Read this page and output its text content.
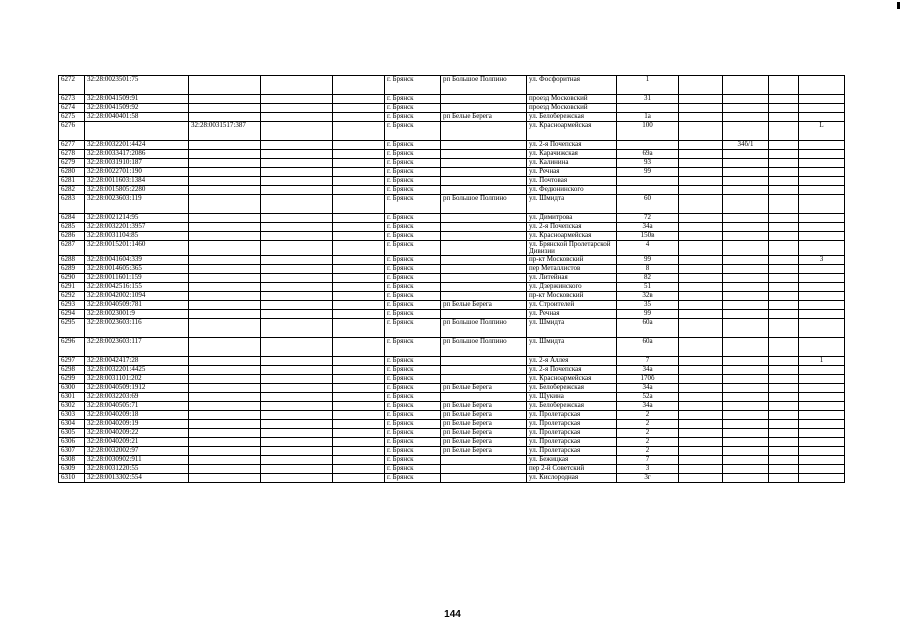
6272	32:28:0023501:75				г. Брянск	рп Большое Полпино	ул. Фосфоритная	1				
6273	32:28:0041509:91				г. Брянск		проезд Московский	31				
6274	32:28:0041509:92				г. Брянск		проезд Московский					
6275	32:28:0040401:58				г. Брянск	рп Белые Берега	ул. Белобережская	1а				
6276		32:28:0031517:387			г. Брянск		ул. Красноармейская	100				L
6277	32:28:0032201:4424				г. Брянск		ул. 2-я Почепская			34б/1		
6278	32:28:0033417:2086				г. Брянск		ул. Карачижская	69а				
6279	32:28:0031910:187				г. Брянск		ул. Калинина	93				
6280	32:28:0022701:190				г. Брянск		ул. Речная	99				
6281	32:28:0011603:1384				г. Брянск		ул. Почтовая					
6282	32:28:0015805:2280				г. Брянск		ул. Федюнинского					
6283	32:28:0023603:119				г. Брянск	рп Большое Полпино	ул. Шмидта	60				
6284	32:28:0021214:95				г. Брянск		ул. Димитрова	72				
6285	32:28:0032201:3957				г. Брянск		ул. 2-я Почепская	34а				
6286	32:28:0031104:85				г. Брянск		ул. Красноармейская	150в				
6287	32:28:0015201:1460				г. Брянск		ул. Брянской Пролетарской
Дивизии	4				
6288	32:28:0041604:339				г. Брянск		пр-кт Московский	99				3
6289	32:28:0014605:365				г. Брянск		пер Металлистов	8				
6290	32:28:0011601:159				г. Брянск		ул. Литейная	82				
6291	32:28:0042516:155				г. Брянск		ул. Дзержинского	51				
6292	32:28:0042002:1094				г. Брянск		пр-кт Московский	32в				
6293	32:28:0040509:781				г. Брянск	рп Белые Берега	ул. Строителей	35				
6294	32:28:0023001:9				г. Брянск		ул. Речная	99				
6295	32:28:0023603:116				г. Брянск	рп Большое Полпино	ул. Шмидта	60а				
6296	32:28:0023603:117				г. Брянск	рп Большое Полпино	ул. Шмидта	60а				
6297	32:28:0042417:28				г. Брянск		ул. 2-я Аллея	7				1
6298	32:28:0032201:4425				г. Брянск		ул. 2-я Почепская	34а				
6299	32:28:0031101:202				г. Брянск		ул. Красноармейская	170б				
6300	32:28:0040509:1912				г. Брянск	рп Белые Берега	ул. Белобережская	34а				
6301	32:28:0032203:69				г. Брянск		ул. Щукина	52а				
6302	32:28:0040505:71				г. Брянск	рп Белые Берега	ул. Белобережская	34а				
6303	32:28:0040209:18				г. Брянск	рп Белые Берега	ул. Пролетарская	2				
6304	32:28:0040209:19				г. Брянск	рп Белые Берега	ул. Пролетарская	2				
6305	32:28:0040209:22				г. Брянск	рп Белые Берега	ул. Пролетарская	2				
6306	32:28:0040209:21				г. Брянск	рп Белые Берега	ул. Пролетарская	2				
6307	32:28:0032002:97				г. Брянск	рп Белые Берега	ул. Пролетарская	2				
6308	32:28:0030902:911				г. Брянск		ул. Бежицкая	7				
6309	32:28:0031220:55				г. Брянск		пер 2-й Советский	3				
6310	32:28:0013302:554				г. Брянск		ул. Кислородная	3г				
144
